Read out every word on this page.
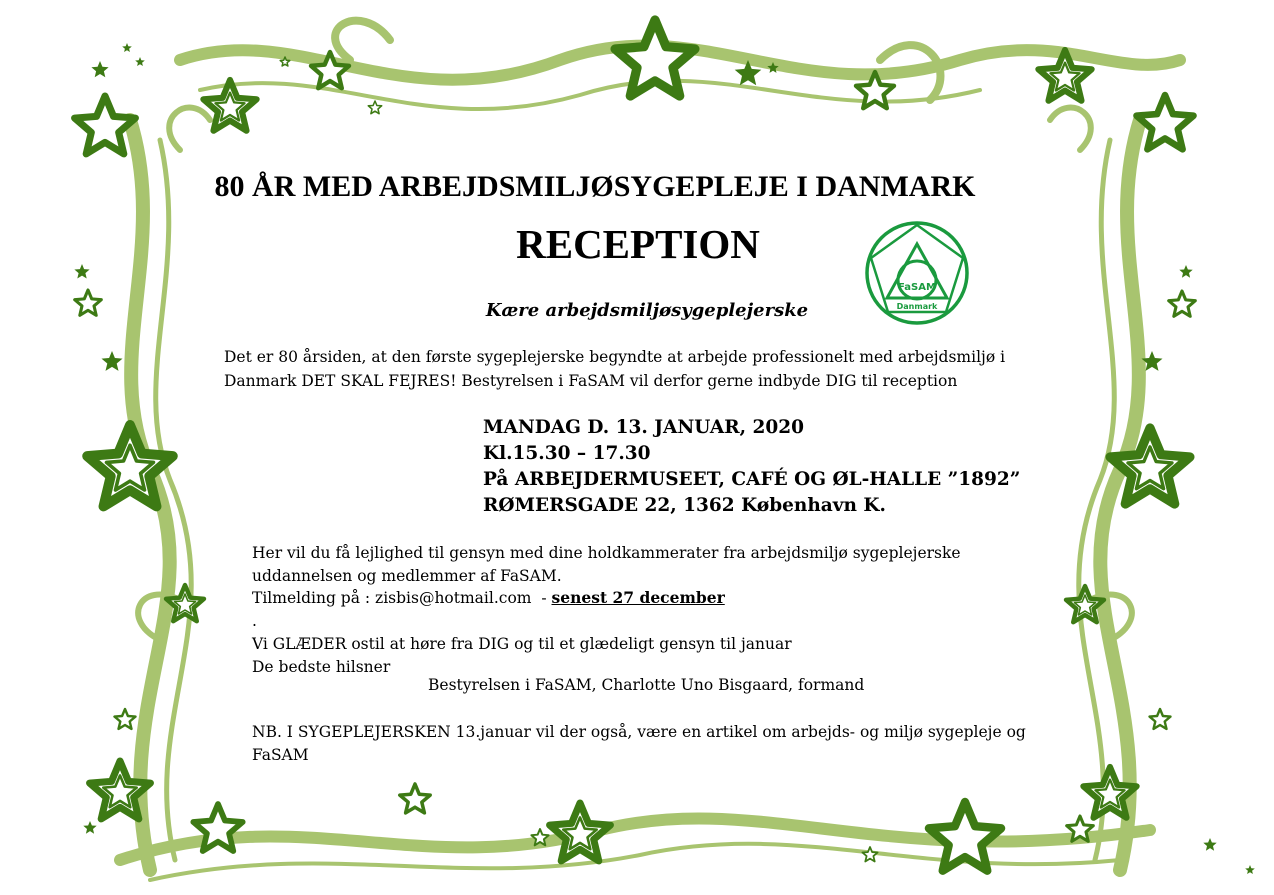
80 ÅR MED ARBEJDSMILJØSYGEPLEJE I DANMARK
RECEPTION
FaSAM
Danmark
Kære arbejdsmiljøsygeplejerske
Det er 80 årsiden, at den første sygeplejerske begyndte at arbejde professionelt med arbejdsmiljø i
Danmark DET SKAL FEJRES! Bestyrelsen i FaSAM vil derfor gerne indbyde DIG til reception
MANDAG D. 13. JANUAR, 2020
Kl.15.30 – 17.30
På ARBEJDERMUSEET, CAFÉ OG ØL-HALLE ”1892”
RØMERSGADE 22, 1362 København K.
Her vil du få lejlighed til gensyn med dine holdkammerater fra arbejdsmiljø sygeplejerske
uddannelsen og medlemmer af FaSAM.
Tilmelding på : zisbis@hotmail.com  - senest 27 december
.
Vi GLÆDER ostil at høre fra DIG og til et glædeligt gensyn til januar
De bedste hilsner
Bestyrelsen i FaSAM, Charlotte Uno Bisgaard, formand
NB. I SYGEPLEJERSKEN 13.januar vil der også, være en artikel om arbejds- og miljø sygepleje og
FaSAM
